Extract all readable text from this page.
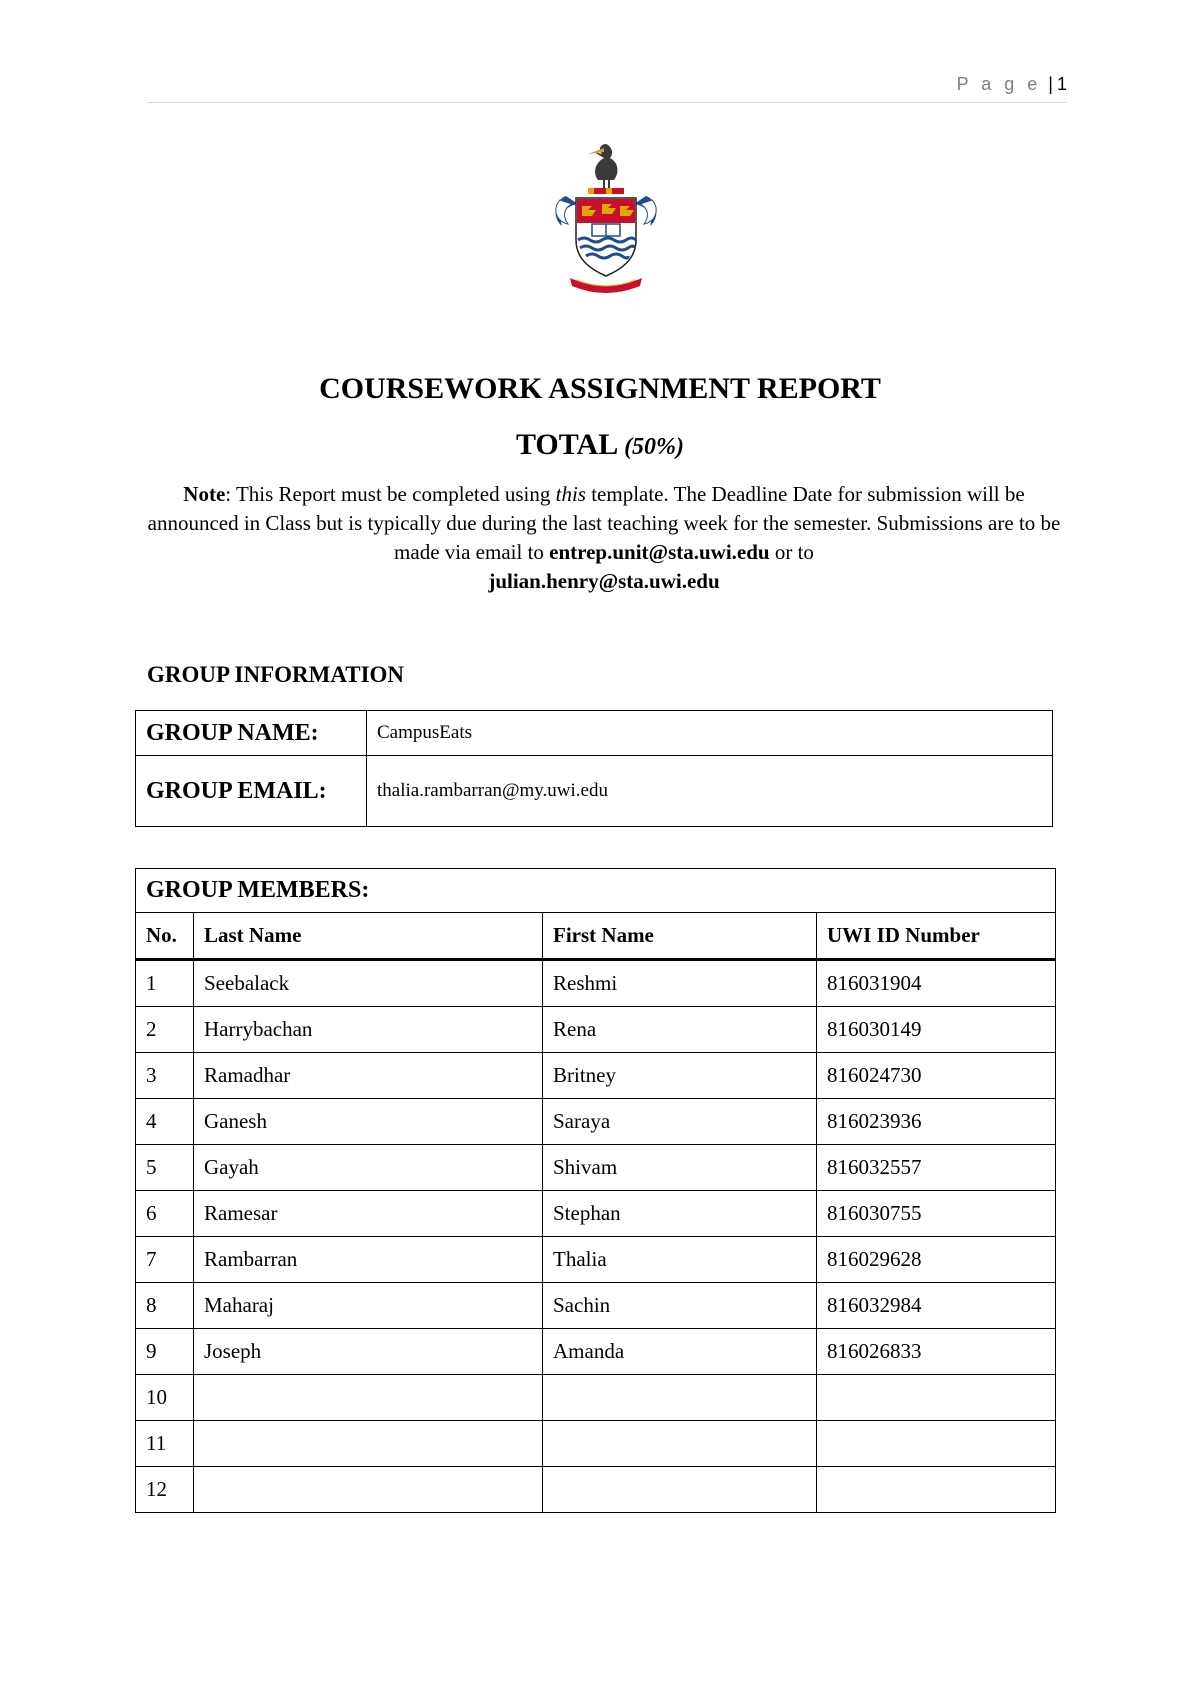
P a g e | 1
COURSEWORK ASSIGNMENT REPORT
TOTAL (50%)
Note: This Report must be completed using this template. The Deadline Date for submission will be announced in Class but is typically due during the last teaching week for the semester. Submissions are to be made via email to entrep.unit@sta.uwi.edu or to
julian.henry@sta.uwi.edu
GROUP INFORMATION
GROUP NAME:	CampusEats
GROUP EMAIL:	thalia.rambarran@my.uwi.edu
GROUP MEMBERS:			
No.	Last Name	First Name	UWI ID Number
1	Seebalack	Reshmi	816031904
2	Harrybachan	Rena	816030149
3	Ramadhar	Britney	816024730
4	Ganesh	Saraya	816023936
5	Gayah	Shivam	816032557
6	Ramesar	Stephan	816030755
7	Rambarran	Thalia	816029628
8	Maharaj	Sachin	816032984
9	Joseph	Amanda	816026833
10			
11			
12			
